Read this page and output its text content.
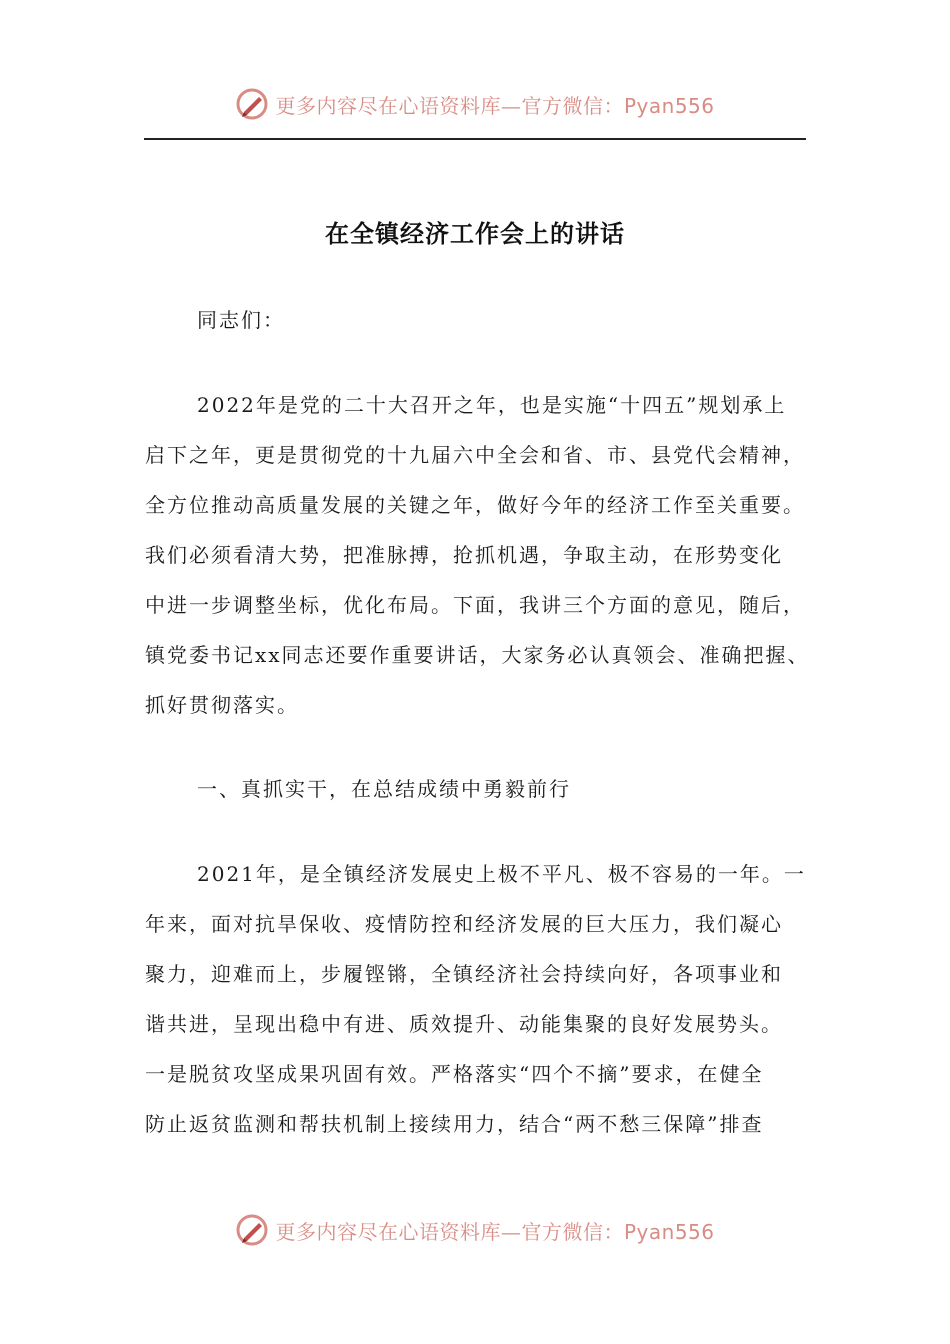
更多内容尽在心语资料库—官方微信：Pyan556
在全镇经济工作会上的讲话
同志们：
2022年是党的二十大召开之年，也是实施“十四五”规划承上
启下之年，更是贯彻党的十九届六中全会和省、市、县党代会精神，
全方位推动高质量发展的关键之年，做好今年的经济工作至关重要。
我们必须看清大势，把准脉搏，抢抓机遇，争取主动，在形势变化
中进一步调整坐标，优化布局。下面，我讲三个方面的意见，随后，
镇党委书记xx同志还要作重要讲话，大家务必认真领会、准确把握、
抓好贯彻落实。
一、真抓实干，在总结成绩中勇毅前行
2021年，是全镇经济发展史上极不平凡、极不容易的一年。一
年来，面对抗旱保收、疫情防控和经济发展的巨大压力，我们凝心
聚力，迎难而上，步履铿锵，全镇经济社会持续向好，各项事业和
谐共进，呈现出稳中有进、质效提升、动能集聚的良好发展势头。
一是脱贫攻坚成果巩固有效。严格落实“四个不摘”要求，在健全
防止返贫监测和帮扶机制上接续用力，结合“两不愁三保障”排查
更多内容尽在心语资料库—官方微信：Pyan556
